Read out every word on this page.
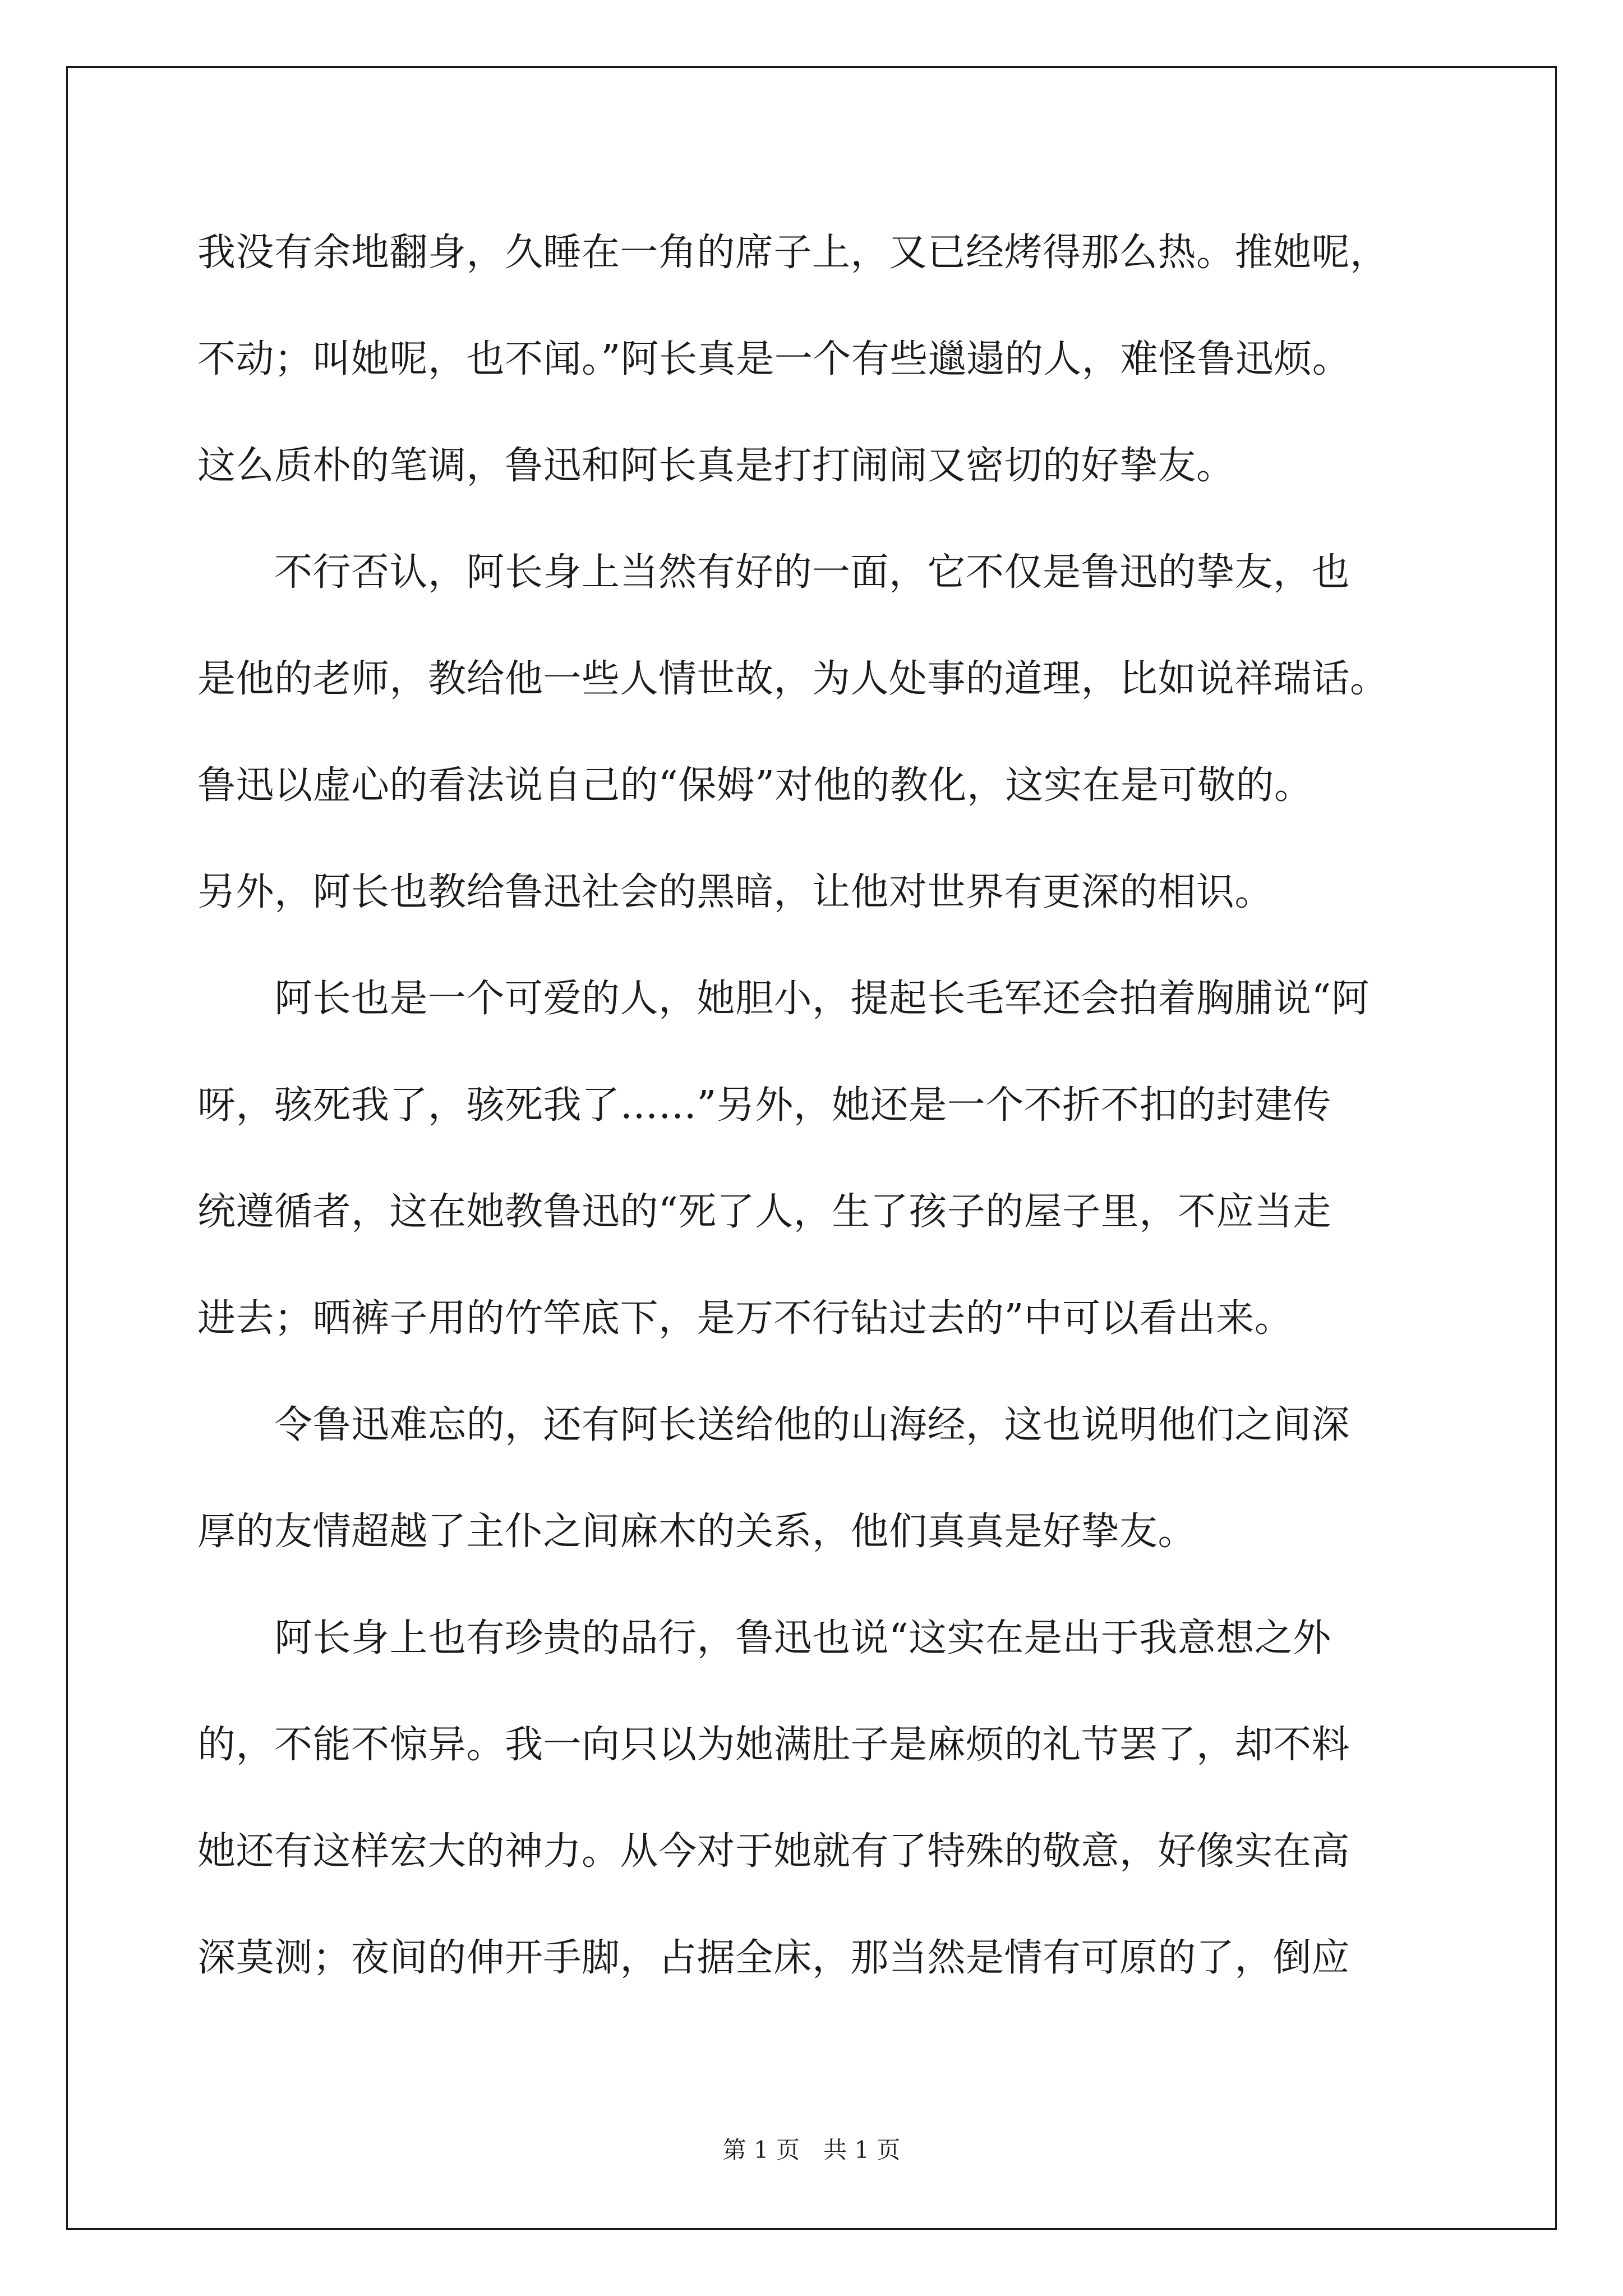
我没有余地翻身，久睡在一角的席子上，又已经烤得那么热。推她呢，
不动；叫她呢，也不闻。”阿长真是一个有些邋遢的人，难怪鲁迅烦。
这么质朴的笔调，鲁迅和阿长真是打打闹闹又密切的好挚友。
　　不行否认，阿长身上当然有好的一面，它不仅是鲁迅的挚友，也
是他的老师，教给他一些人情世故，为人处事的道理，比如说祥瑞话。
鲁迅以虚心的看法说自己的“保姆”对他的教化，这实在是可敬的。
另外，阿长也教给鲁迅社会的黑暗，让他对世界有更深的相识。
　　阿长也是一个可爱的人，她胆小，提起长毛军还会拍着胸脯说“阿
呀，骇死我了，骇死我了……”另外，她还是一个不折不扣的封建传
统遵循者，这在她教鲁迅的“死了人，生了孩子的屋子里，不应当走
进去；晒裤子用的竹竿底下，是万不行钻过去的”中可以看出来。
　　令鲁迅难忘的，还有阿长送给他的山海经，这也说明他们之间深
厚的友情超越了主仆之间麻木的关系，他们真真是好挚友。
　　阿长身上也有珍贵的品行，鲁迅也说“这实在是出于我意想之外
的，不能不惊异。我一向只以为她满肚子是麻烦的礼节罢了，却不料
她还有这样宏大的神力。从今对于她就有了特殊的敬意，好像实在高
深莫测；夜间的伸开手脚，占据全床，那当然是情有可原的了，倒应
第 1 页　共 1 页
